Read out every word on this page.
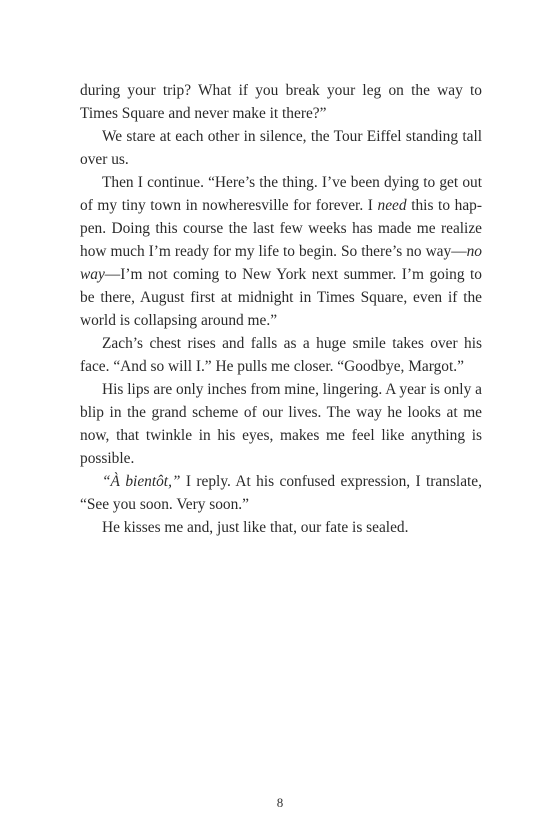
during your trip? What if you break your leg on the way to Times Square and never make it there?”

We stare at each other in silence, the Tour Eiffel standing tall over us.

Then I continue. “Here’s the thing. I’ve been dying to get out of my tiny town in nowheresville for forever. I need this to happen. Doing this course the last few weeks has made me realize how much I’m ready for my life to begin. So there’s no way—no way—I’m not coming to New York next summer. I’m going to be there, August first at midnight in Times Square, even if the world is collapsing around me.”

Zach’s chest rises and falls as a huge smile takes over his face. “And so will I.” He pulls me closer. “Goodbye, Margot.”

His lips are only inches from mine, lingering. A year is only a blip in the grand scheme of our lives. The way he looks at me now, that twinkle in his eyes, makes me feel like anything is possible.

“À bientôt,” I reply. At his confused expression, I translate, “See you soon. Very soon.”

He kisses me and, just like that, our fate is sealed.

8
